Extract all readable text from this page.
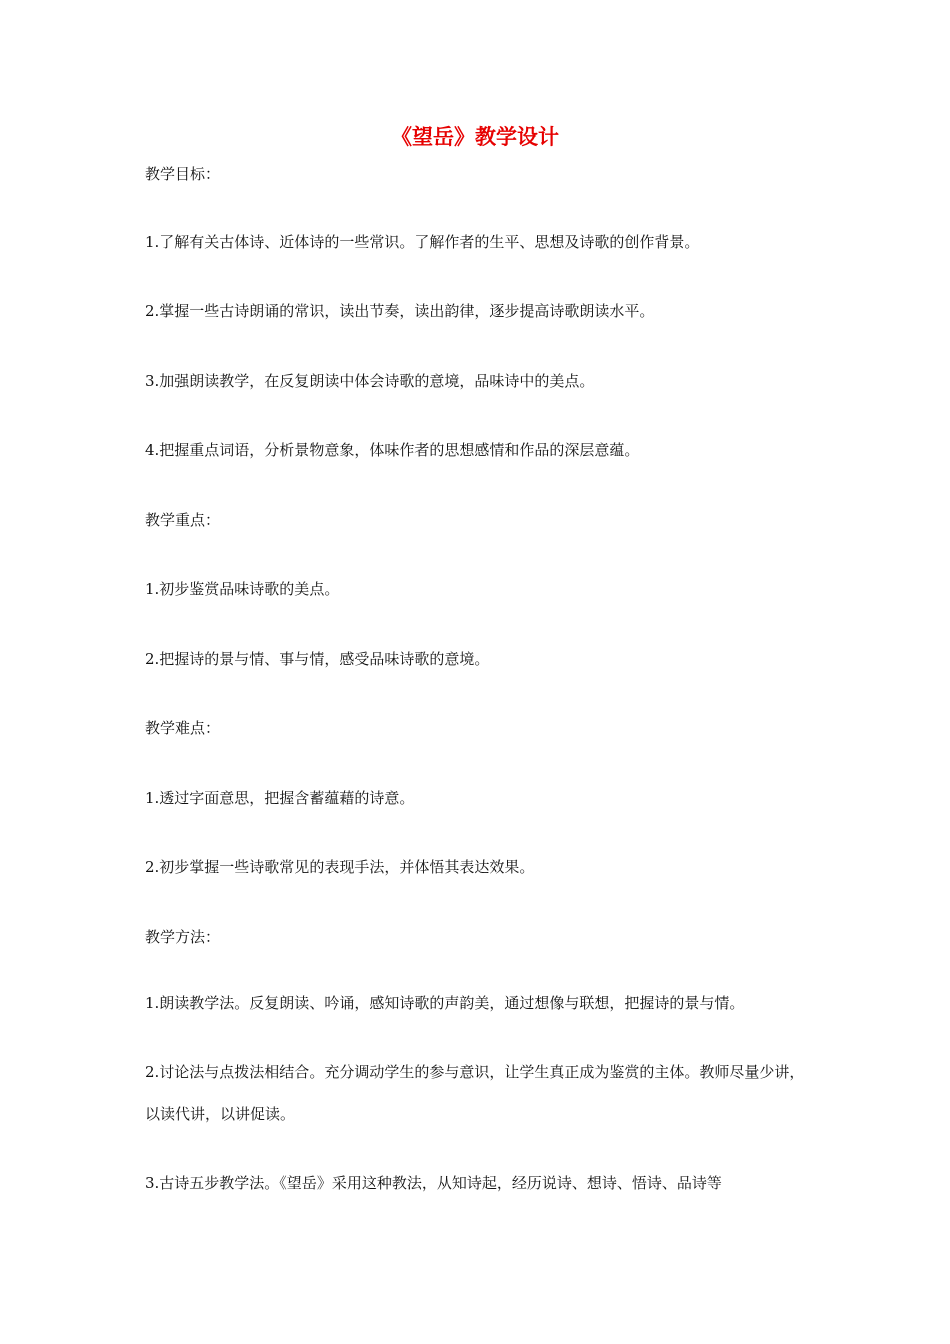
《望岳》教学设计
教学目标：
1.了解有关古体诗、近体诗的一些常识。了解作者的生平、思想及诗歌的创作背景。
2.掌握一些古诗朗诵的常识，读出节奏，读出韵律，逐步提高诗歌朗读水平。
3.加强朗读教学，在反复朗读中体会诗歌的意境，品味诗中的美点。
4.把握重点词语，分析景物意象，体味作者的思想感情和作品的深层意蕴。
教学重点：
1.初步鉴赏品味诗歌的美点。
2.把握诗的景与情、事与情，感受品味诗歌的意境。
教学难点：
1.透过字面意思，把握含蓄蕴藉的诗意。
2.初步掌握一些诗歌常见的表现手法，并体悟其表达效果。
教学方法：
1.朗读教学法。反复朗读、吟诵，感知诗歌的声韵美，通过想像与联想，把握诗的景与情。
2.讨论法与点拨法相结合。充分调动学生的参与意识，让学生真正成为鉴赏的主体。教师尽量少讲，以读代讲，以讲促读。
3.古诗五步教学法。《望岳》采用这种教法，从知诗起，经历说诗、想诗、悟诗、品诗等
